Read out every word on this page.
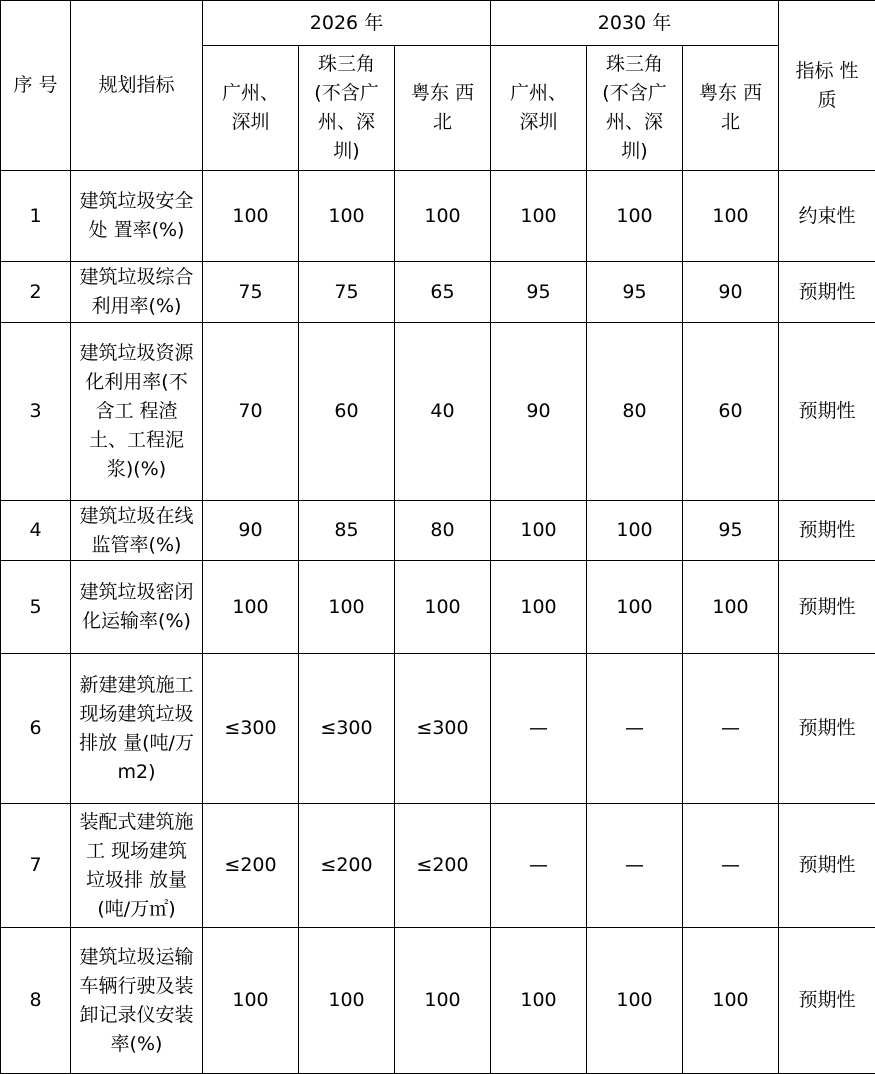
序 号	规划指标	2026 年			2030 年			指标 性质
		广州、深圳	珠三角(不含广州、深圳)	粤东 西北	广州、深圳	珠三角(不含广州、深圳)	粤东 西北	
1	建筑垃圾安全处 置率(%)	100	100	100	100	100	100	约束性
2	建筑垃圾综合利用率(%)	75	75	65	95	95	90	预期性
3	建筑垃圾资源化利用率(不含工 程渣土、工程泥浆)(%)	70	60	40	90	80	60	预期性
4	建筑垃圾在线监管率(%)	90	85	80	100	100	95	预期性
5	建筑垃圾密闭化运输率(%)	100	100	100	100	100	100	预期性
6	新建建筑施工现场建筑垃圾排放 量(吨/万 m2)	≤300	≤300	≤300	—	—	—	预期性
7	装配式建筑施工 现场建筑垃圾排 放量(吨/万㎡)	≤200	≤200	≤200	—	—	—	预期性
8	建筑垃圾运输车辆行驶及装卸记录仪安装率(%)	100	100	100	100	100	100	预期性
